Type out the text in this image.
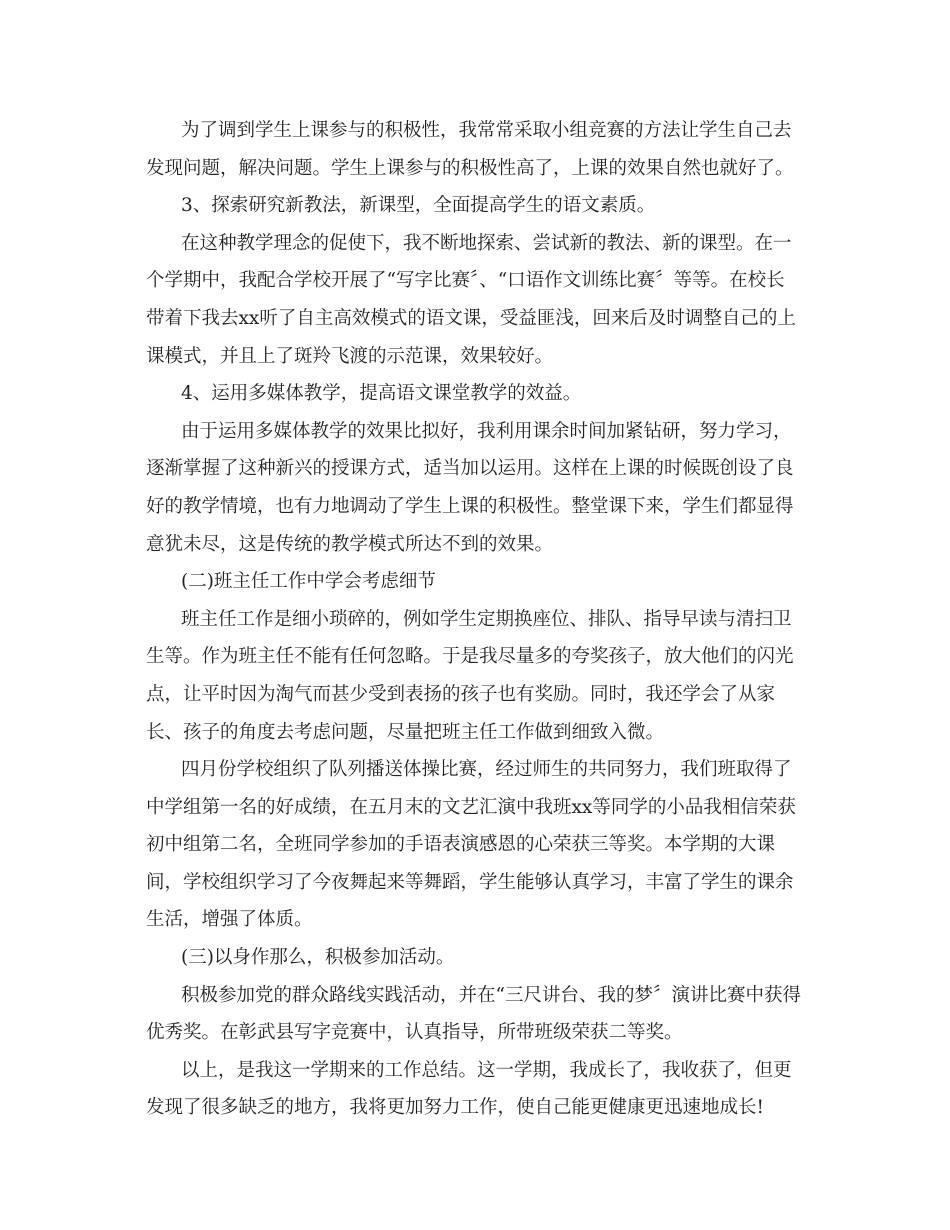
为了调到学生上课参与的积极性，我常常采取小组竞赛的方法让学生自己去
发现问题，解决问题。学生上课参与的积极性高了，上课的效果自然也就好了。
3、探索研究新教法，新课型，全面提高学生的语文素质。
在这种教学理念的促使下，我不断地探索、尝试新的教法、新的课型。在一
个学期中，我配合学校开展了“写字比赛〞、“口语作文训练比赛〞等等。在校长
带着下我去xx听了自主高效模式的语文课，受益匪浅，回来后及时调整自己的上
课模式，并且上了斑羚飞渡的示范课，效果较好。
4、运用多媒体教学，提高语文课堂教学的效益。
由于运用多媒体教学的效果比拟好，我利用课余时间加紧钻研，努力学习，
逐渐掌握了这种新兴的授课方式，适当加以运用。这样在上课的时候既创设了良
好的教学情境，也有力地调动了学生上课的积极性。整堂课下来，学生们都显得
意犹未尽，这是传统的教学模式所达不到的效果。
(二)班主任工作中学会考虑细节
班主任工作是细小琐碎的，例如学生定期换座位、排队、指导早读与清扫卫
生等。作为班主任不能有任何忽略。于是我尽量多的夸奖孩子，放大他们的闪光
点，让平时因为淘气而甚少受到表扬的孩子也有奖励。同时，我还学会了从家
长、孩子的角度去考虑问题，尽量把班主任工作做到细致入微。
四月份学校组织了队列播送体操比赛，经过师生的共同努力，我们班取得了
中学组第一名的好成绩，在五月末的文艺汇演中我班xx等同学的小品我相信荣获
初中组第二名，全班同学参加的手语表演感恩的心荣获三等奖。本学期的大课
间，学校组织学习了今夜舞起来等舞蹈，学生能够认真学习，丰富了学生的课余
生活，增强了体质。
(三)以身作那么，积极参加活动。
积极参加党的群众路线实践活动，并在“三尺讲台、我的梦〞演讲比赛中获得
优秀奖。在彰武县写字竞赛中，认真指导，所带班级荣获二等奖。
以上，是我这一学期来的工作总结。这一学期，我成长了，我收获了，但更
发现了很多缺乏的地方，我将更加努力工作，使自己能更健康更迅速地成长!
